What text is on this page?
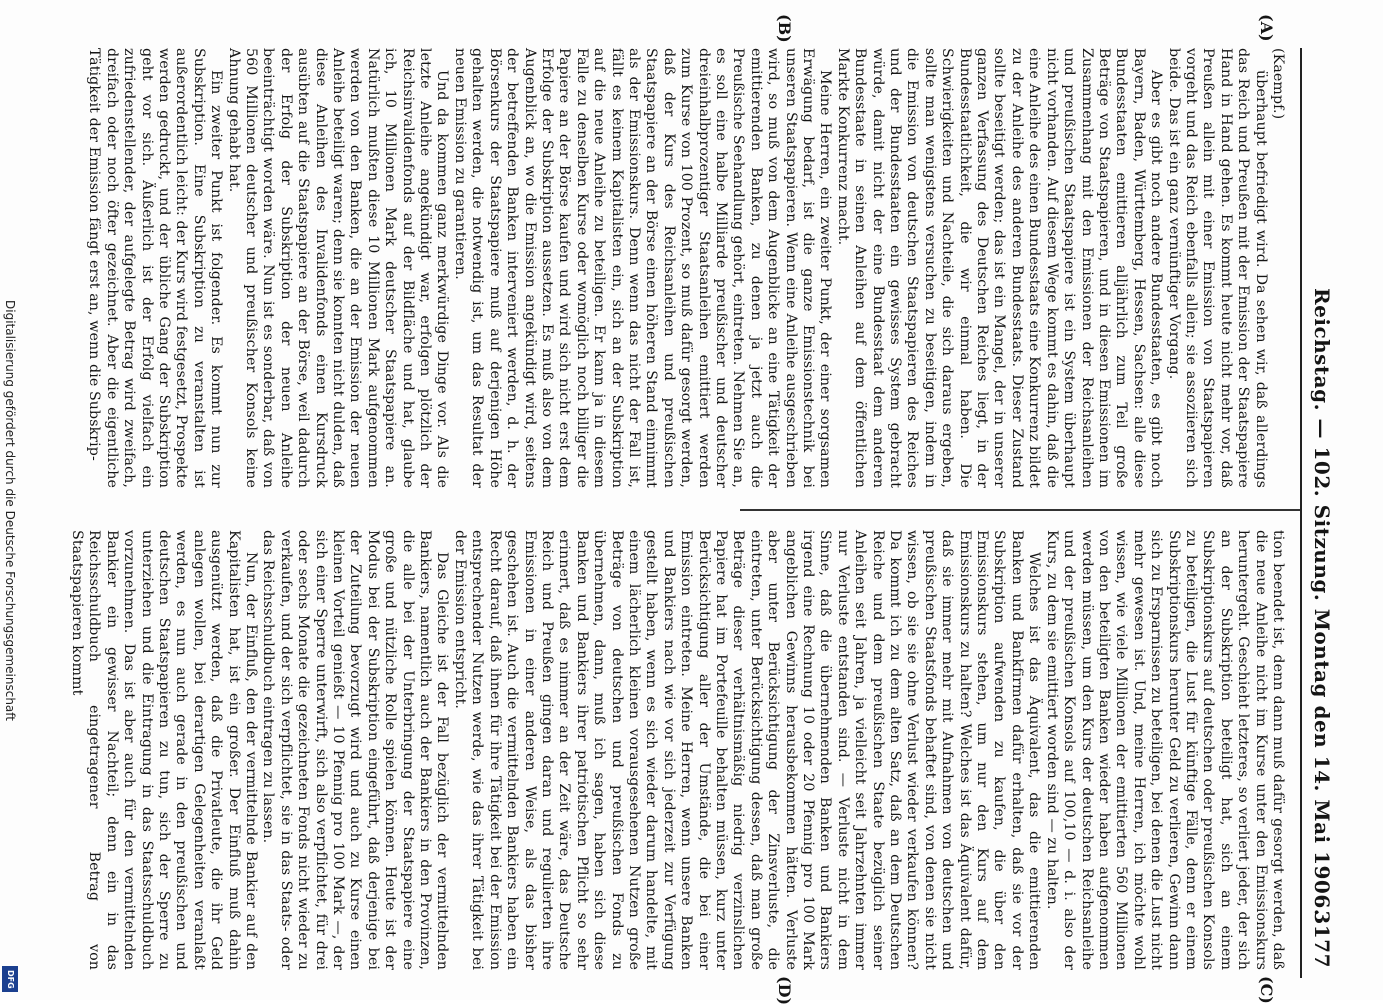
Reichstag. — 102. Sitzung. Montag den 14. Mai 1906.
3177
(A)
(B)
(C)
(D)

(Kaempf.)

überhaupt befriedigt wird. Da sehen wir, daß allerdings das Reich und Preußen mit der Emission der Staatspapiere Hand in Hand gehen. Es kommt heute nicht mehr vor, daß Preußen allein mit einer Emission von Staatspapieren vorgeht und das Reich ebenfalls allein; sie assoziieren sich beide. Das ist ein ganz vernünftiger Vorgang.

Aber es gibt noch andere Bundesstaaten, es gibt noch Bayern, Baden, Württemberg, Hessen, Sachsen: alle diese Bundesstaaten emittieren alljährlich zum Teil große Beträge von Staatspapieren, und in diesen Emissionen im Zusammenhang mit den Emissionen der Reichsanleihen und preußischen Staatspapiere ist ein System überhaupt nicht vorhanden. Auf diesem Wege kommt es dahin, daß die eine Anleihe des einen Bundesstaats eine Konkurrenz bildet zu der Anleihe des anderen Bundesstaats. Dieser Zustand sollte beseitigt werden; das ist ein Mangel, der in unserer ganzen Verfassung des Deutschen Reiches liegt, in der Bundesstaatlichkeit, die wir einmal haben. Die Schwierigkeiten und Nachteile, die sich daraus ergeben, sollte man wenigstens versuchen zu beseitigen, indem in die Emission von deutschen Staatspapieren des Reiches und der Bundesstaaten ein gewisses System gebracht würde, damit nicht der eine Bundesstaat dem anderen Bundesstaate in seinen Anleihen auf dem öffentlichen Markte Konkurrenz macht.

Meine Herren, ein zweiter Punkt, der einer sorgsamen Erwägung bedarf, ist die ganze Emissionstechnik bei unseren Staatspapieren. Wenn eine Anleihe ausgeschrieben wird, so muß von dem Augenblicke an eine Tätigkeit der emittierenden Banken, zu denen ja jetzt auch die Preußische Seehandlung gehört, eintreten. Nehmen Sie an, es soll eine halbe Milliarde preußischer und deutscher dreieinhalbprozentiger Staatsanleihen emittiert werden zum Kurse von 100 Prozent, so muß dafür gesorgt werden, daß der Kurs des Reichsanleihen und preußischen Staatspapiere an der Börse einen höheren Stand einnimmt als der Emissionskurs. Denn wenn das nicht der Fall ist, fällt es keinem Kapitalisten ein, sich an der Subskription auf die neue Anleihe zu beteiligen. Er kann ja in diesem Falle zu denselben Kurse oder womöglich noch billiger die Papiere an der Börse kaufen und wird sich nicht erst dem Erfolge der Subskription aussetzen. Es muß also von dem Augenblick an, wo die Emission angekündigt wird, seitens der betreffenden Banken interveniert werden, d. h. der Börsenkurs der Staatspapiere muß auf derjenigen Höhe gehalten werden, die notwendig ist, um das Resultat der neuen Emission zu garantieren.

Und da kommen ganz merkwürdige Dinge vor. Als die letzte Anleihe angekündigt war, erfolgen plötzlich der Reichsinvalidenfonds auf der Bildfläche und hat, glaube ich, 10 Millionen Mark deutscher Staatspapiere an. Natürlich mußten diese 10 Millionen Mark aufgenommen werden von den Banken, die an der Emission der neuen Anleihe beteiligt waren; denn sie konnten nicht dulden, daß diese Anleihen des Invalidenfonds einen Kursdruck ausübten auf die Staatspapiere an der Börse, weil dadurch der Erfolg der Subskription der neuen Anleihe beeinträchtigt worden wäre. Nun ist es sonderbar, daß von 560 Millionen deutscher und preußischer Konsols keine Ahnung gehabt hat.

Ein zweiter Punkt ist folgender. Es kommt nun zur Subskription. Eine Subskription zu veranstalten ist außerordentlich leicht: der Kurs wird festgesetzt, Prospekte werden gedruckt, und der übliche Gang der Subskription geht vor sich. Äußerlich ist der Erfolg vielfach ein zufriedenstellender, der aufgelegte Betrag wird zweifach, dreifach oder noch öfter gezeichnet. Aber die eigentliche Tätigkeit der Emission fängt erst an, wenn die Subskrip-

tion beendet ist, denn dann muß dafür gesorgt werden, daß die neue Anleihe nicht im Kurse unter den Emissionskurs heruntergeht. Geschieht letzteres, so verliert jeder, der sich an der Subskription beteiligt hat, sich an einem Subskriptionskurs auf deutschen oder preußischen Konsols zu beteiligen, die Lust für künftige Fälle, denn er einem Subskriptionskurs herunter Geld zu verlieren, Gewinn dann sich zu Ersparnissen zu beteiligen, bei denen die Lust nicht mehr gewesen ist. Und, meine Herren, ich möchte wohl wissen, wie viele Millionen der emittierten 560 Millionen von den beteiligten Banken wieder haben aufgenommen werden müssen, um den Kurs der deutschen Reichsanleihe und der preußischen Konsols auf 100,10 — d. i. also der Kurs, zu dem sie emittiert worden sind — zu halten.

Welches ist das Äquivalent, das die emittierenden Banken und Bankfirmen dafür erhalten, daß sie vor der Subskription aufwenden zu kaufen, die über den Emissionskurs stehen, um nur den Kurs auf dem Emissionskurs zu halten? Welches ist das Äquivalent dafür, daß sie immer mehr mit Aufnahmen von deutschen und preußischen Staatsfonds behaftet sind, von denen sie nicht wissen, ob sie sie ohne Verlust wieder verkaufen können? Da kommt ich zu dem alten Satz, daß an dem Deutschen Reiche und dem preußischen Staate bezüglich seiner Anleihen seit Jahren, ja vielleicht seit Jahrzehnten immer nur Verluste entstanden sind. — Verluste nicht in dem Sinne, daß die übernehmenden Banken und Bankiers irgend eine Rechnung 10 oder 20 Pfennig pro 100 Mark angeblichen Gewinns herausbekommen hätten. Verluste aber unter Berücksichtigung der Zinsverluste, die eintreten, unter Berücksichtigung dessen, daß man große Beträge dieser verhältnismäßig niedrig verzinslichen Papiere hat im Portefeuille behalten müssen, kurz unter Berücksichtigung aller der Umstände, die bei einer Emission eintreten. Meine Herren, wenn unsere Banken und Bankiers nach wie vor sich jederzeit zur Verfügung gestellt haben, wenn es sich wieder darum handelte, mit einem lächerlich kleinen vorausgesehenen Nutzen große Beträge von deutschen und preußischen Fonds zu übernehmen, dann, muß ich sagen, haben sich diese Banken und Bankiers ihrer patriotischen Pflicht so sehr erinnert, daß es nimmer an der Zeit wäre, das Deutsche Reich und Preußen gingen daran und regulierten ihre Emissionen in einer anderen Weise, als das bisher geschehen ist. Auch die vermittelnden Bankiers haben ein Recht darauf, daß ihnen für ihre Tätigkeit bei der Emission entsprechender Nutzen werde, wie das ihrer Tätigkeit bei der Emission entspricht.

Das Gleiche ist der Fall bezüglich der vermittelnden Bankiers, namentlich auch der Bankiers in den Provinzen, die alle bei der Unterbringung der Staatspapiere eine große und nützliche Rolle spielen können. Heute ist der Modus bei der Subskription eingeführt, daß derjenige bei der Zuteilung bevorzugt wird und auch zu Kurse einen kleinen Vorteil genießt — 10 Pfennig pro 100 Mark —, der sich einer Sperre unterwirft, sich also verpflichtet, für drei oder sechs Monate die gezeichneten Fonds nicht wieder zu verkaufen, und der sich verpflichtet, sie in das Staats- oder das Reichsschuldbuch eintragen zu lassen.

Nun, der Einfluß, den der vermittelnde Bankier auf den Kapitalisten hat, ist ein großer. Der Einfluß muß dahin ausgenützt werden, daß die Privatleute, die ihr Geld anlegen wollen, bei derartigen Gelegenheiten veranlaßt werden, es nun auch gerade in den preußischen und deutschen Staatspapieren zu tun, sich der Sperre zu unterziehen und die Eintragung in das Staatsschuldbuch vorzunehmen. Das ist aber auch für den vermittelnden Bankier ein gewisser Nachteil; denn ein in das Reichsschuldbuch eingetragener Betrag von Staatspapieren kommt

Digitalisierung gefördert durch die Deutsche Forschungsgemeinschaft
DFG
